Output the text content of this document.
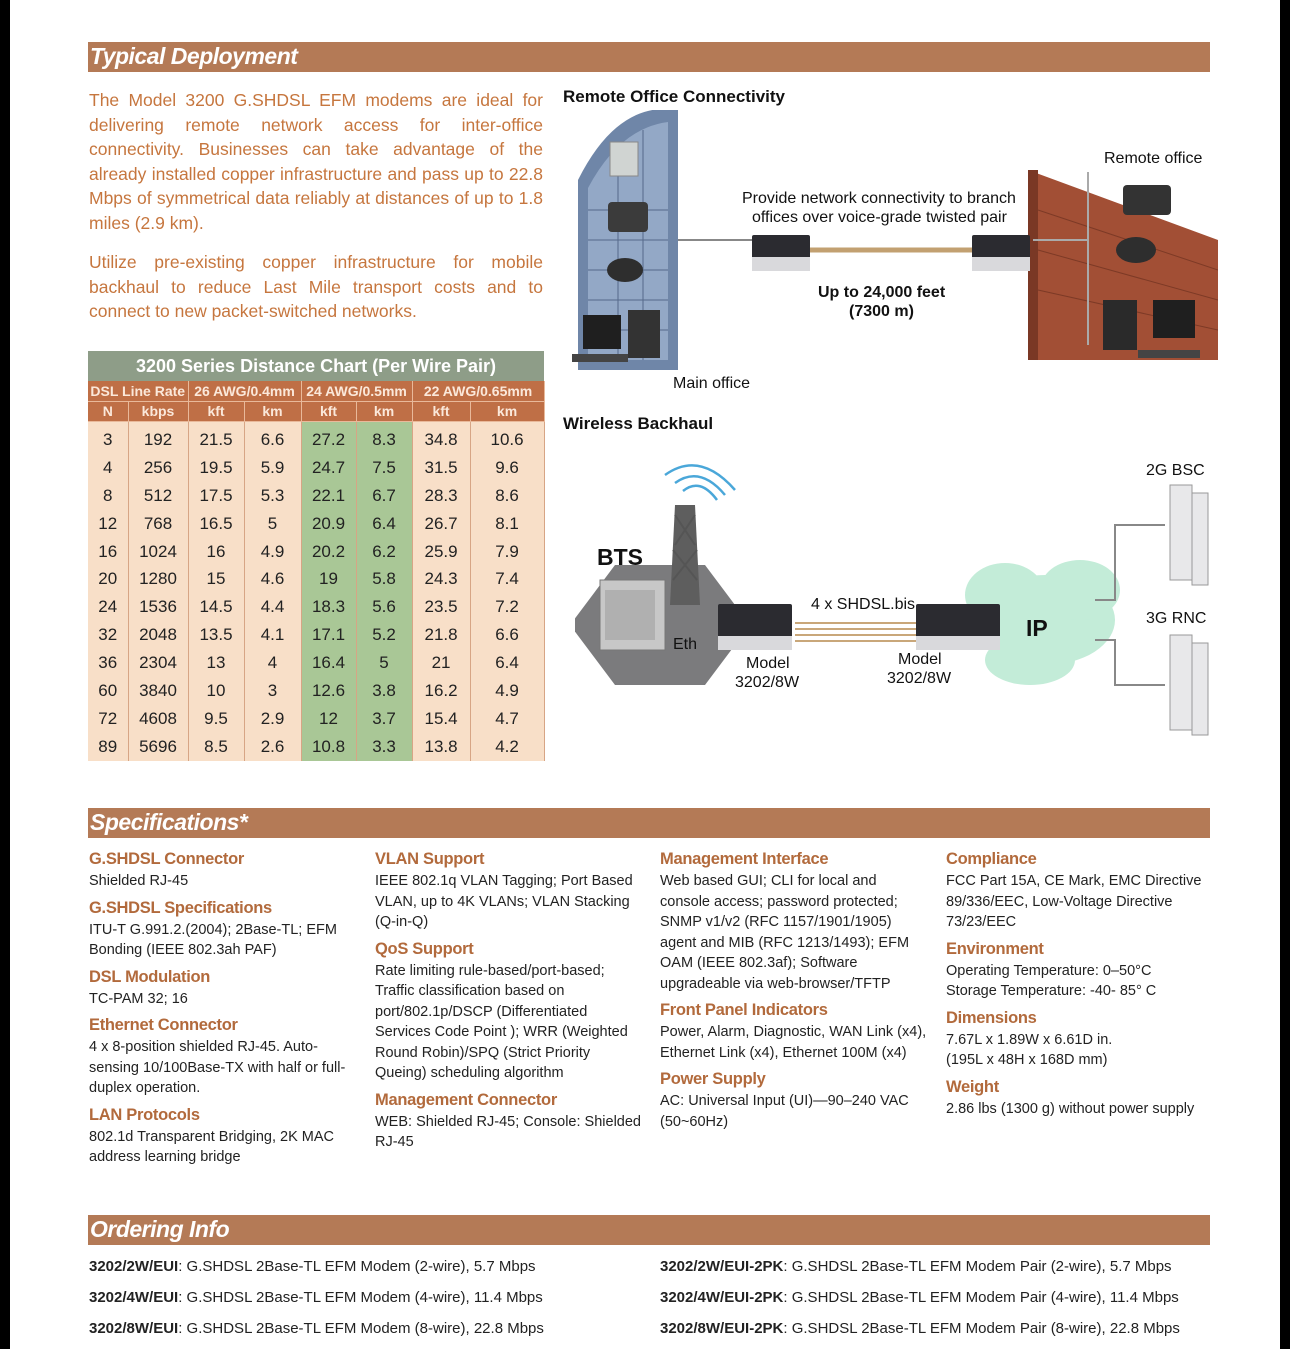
Typical Deployment

The Model 3200 G.SHDSL EFM modems are ideal for delivering remote network access for inter-office connectivity. Businesses can take advantage of the already installed copper infrastructure and pass up to 22.8 Mbps of symmetrical data reliably at distances of up to 1.8 miles (2.9 km).

Utilize pre-existing copper infrastructure for mobile backhaul to reduce Last Mile transport costs and to connect to new packet-switched networks.

Remote Office Connectivity
Remote office
Provide network connectivity to branch
offices over voice-grade twisted pair
Up to 24,000 feet
(7300 m)
Main office
Wireless Backhaul
BTS
Eth
4 x SHDSL.bis
Model
3202/8W
Model
3202/8W
IP
2G BSC
3G RNC
3200 Series Distance Chart (Per Wire Pair)
DSL Line Rate		26 AWG/0.4mm		24 AWG/0.5mm		22 AWG/0.65mm	
N	kbps	kft	km	kft	km	kft	km

3	192	21.5	6.6	27.2	8.3	34.8	10.6
4	256	19.5	5.9	24.7	7.5	31.5	9.6
8	512	17.5	5.3	22.1	6.7	28.3	8.6
12	768	16.5	5	20.9	6.4	26.7	8.1
16	1024	16	4.9	20.2	6.2	25.9	7.9
20	1280	15	4.6	19	5.8	24.3	7.4
24	1536	14.5	4.4	18.3	5.6	23.5	7.2
32	2048	13.5	4.1	17.1	5.2	21.8	6.6
36	2304	13	4	16.4	5	21	6.4
60	3840	10	3	12.6	3.8	16.2	4.9
72	4608	9.5	2.9	12	3.7	15.4	4.7
89	5696	8.5	2.6	10.8	3.3	13.8	4.2
Specifications*
G.SHDSL Connector
Shielded RJ-45
G.SHDSL Specifications
ITU-T G.991.2.(2004); 2Base-TL; EFM Bonding (IEEE 802.3ah PAF)
DSL Modulation
TC-PAM 32; 16
Ethernet Connector
4 x 8-position shielded RJ-45. Auto-sensing 10/100Base-TX with half or full-duplex operation.
LAN Protocols
802.1d Transparent Bridging, 2K MAC address learning bridge
VLAN Support
IEEE 802.1q VLAN Tagging; Port Based VLAN, up to 4K VLANs; VLAN Stacking (Q-in-Q)
QoS Support
Rate limiting rule-based/port-based; Traffic classification based on port/802.1p/DSCP (Differentiated Services Code Point ); WRR (Weighted Round Robin)/SPQ (Strict Priority Queing) scheduling algorithm
Management Connector
WEB: Shielded RJ-45; Console: Shielded RJ-45
Management Interface
Web based GUI; CLI for local and console access; password protected; SNMP v1/v2 (RFC 1157/1901/1905) agent and MIB (RFC 1213/1493); EFM OAM (IEEE 802.3af); Software upgradeable via web-browser/TFTP
Front Panel Indicators
Power, Alarm, Diagnostic, WAN Link (x4), Ethernet Link (x4), Ethernet 100M (x4)
Power Supply
AC: Universal Input (UI)—90–240 VAC (50~60Hz)
Compliance
FCC Part 15A, CE Mark, EMC Directive 89/336/EEC, Low-Voltage Directive 73/23/EEC
Environment
Operating Temperature: 0–50°C
Storage Temperature: -40- 85° C
Dimensions
7.67L x 1.89W x 6.61D in.
(195L x 48H x 168D mm)
Weight
2.86 lbs (1300 g) without power supply
Ordering Info
3202/2W/EUI: G.SHDSL 2Base-TL EFM Modem (2-wire), 5.7 Mbps
3202/4W/EUI: G.SHDSL 2Base-TL EFM Modem (4-wire), 11.4 Mbps
3202/8W/EUI: G.SHDSL 2Base-TL EFM Modem (8-wire), 22.8 Mbps
3202/2W/EUI-2PK: G.SHDSL 2Base-TL EFM Modem Pair (2-wire), 5.7 Mbps
3202/4W/EUI-2PK: G.SHDSL 2Base-TL EFM Modem Pair (4-wire), 11.4 Mbps
3202/8W/EUI-2PK: G.SHDSL 2Base-TL EFM Modem Pair (8-wire), 22.8 Mbps
